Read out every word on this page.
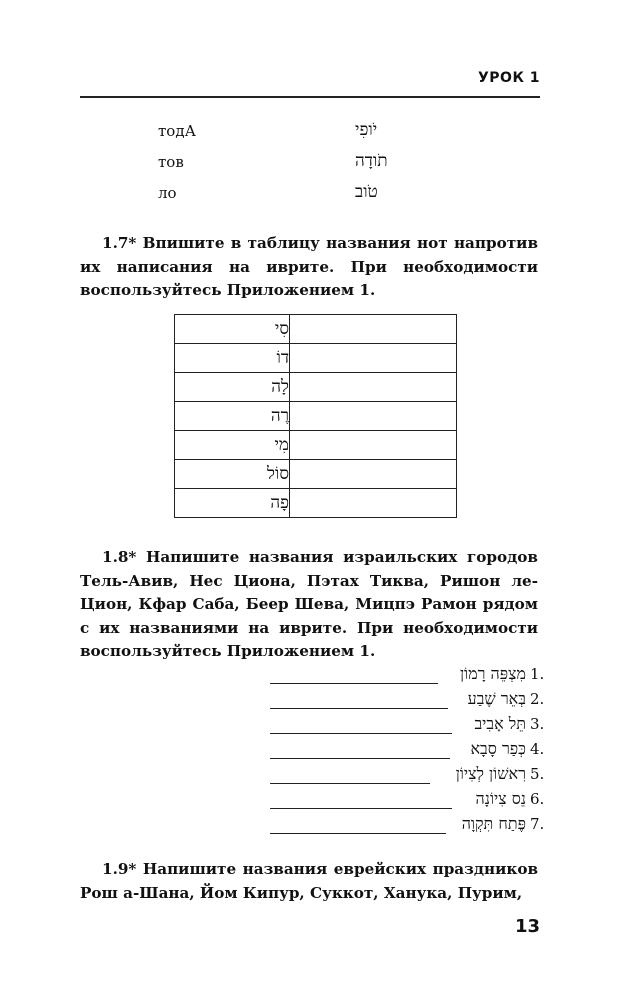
УРОК 1
тодА	יֹופִי
тов	תֹודָה
ло	טֹוב
1.7* Впишите в таблицу названия нот напротив их написания на иврите. При необходимости воспользуйтесь Приложением 1.
סִי	
דוֹ	
לָה	
רֶה	
מִי	
סוֹל	
פָה	
1.8* Напишите названия израильских городов Тель-Авив, Нес Циона, Пэтах Тиква, Ришон ле-Цион, Кфар Саба, Беер Шева, Мицпэ Рамон рядом с их названиями на иврите. При необходимости воспользуйтесь Приложением 1.
מִצְפֵּה רָמוֹן 1.
בְּאֵר שֶׁבַע 2.
תֵּל אָבִיב 3.
כְּפַר סָבָא 4.
רִאשׁוֹן לְצִיוֹן 5.
נֵס צִיוֹנָה 6.
פֶּתַח תִּקְוָה 7.
1.9* Напишите названия еврейских праздников Рош а-Шана, Йом Кипур, Суккот, Ханука, Пурим,
13
